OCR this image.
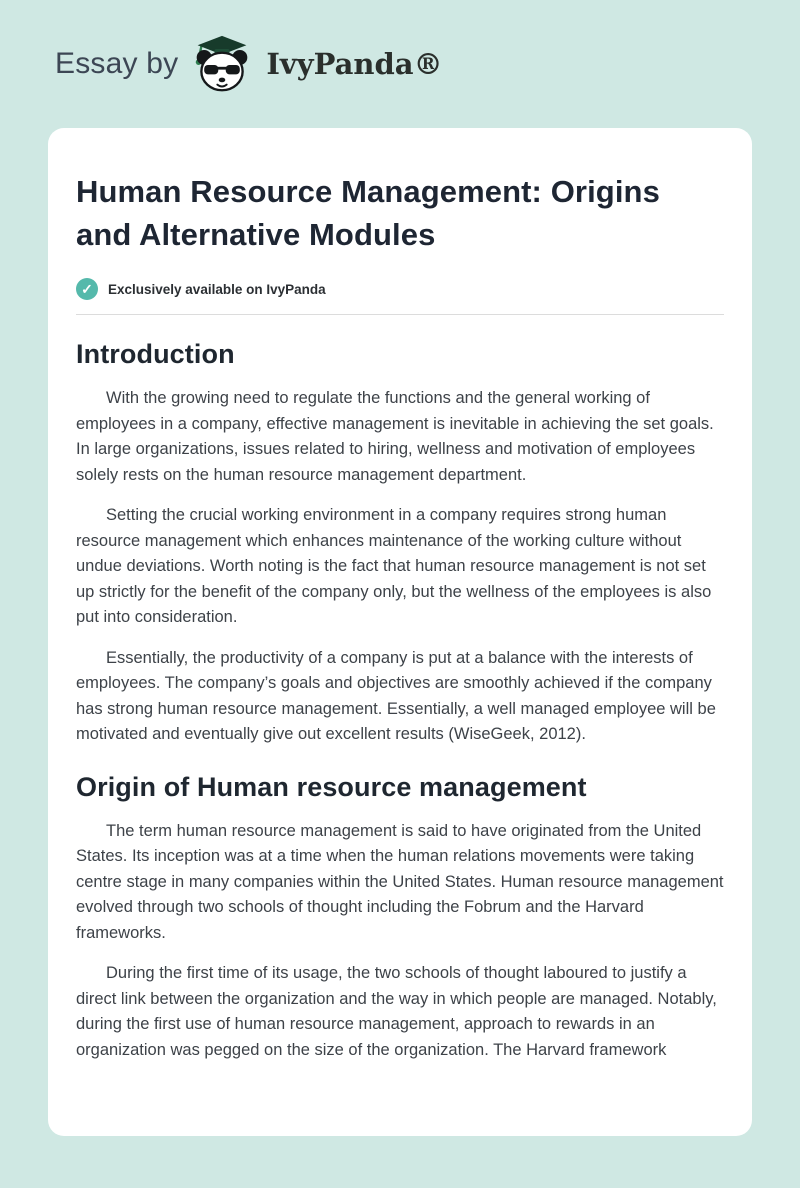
Essay by	IvyPanda®
Human Resource Management: Origins and Alternative Modules
✓	Exclusively available on IvyPanda
Introduction

With the growing need to regulate the functions and the general working of employees in a company, effective management is inevitable in achieving the set goals. In large organizations, issues related to hiring, wellness and motivation of employees solely rests on the human resource management department.

Setting the crucial working environment in a company requires strong human resource management which enhances maintenance of the working culture without undue deviations. Worth noting is the fact that human resource management is not set up strictly for the benefit of the company only, but the wellness of the employees is also put into consideration.

Essentially, the productivity of a company is put at a balance with the interests of employees. The company’s goals and objectives are smoothly achieved if the company has strong human resource management. Essentially, a well managed employee will be motivated and eventually give out excellent results (WiseGeek, 2012).

Origin of Human resource management

The term human resource management is said to have originated from the United States. Its inception was at a time when the human relations movements were taking centre stage in many companies within the United States. Human resource management evolved through two schools of thought including the Fobrum and the Harvard frameworks.

During the first time of its usage, the two schools of thought laboured to justify a direct link between the organization and the way in which people are managed. Notably, during the first use of human resource management, approach to rewards in an organization was pegged on the size of the organization. The Harvard framework
